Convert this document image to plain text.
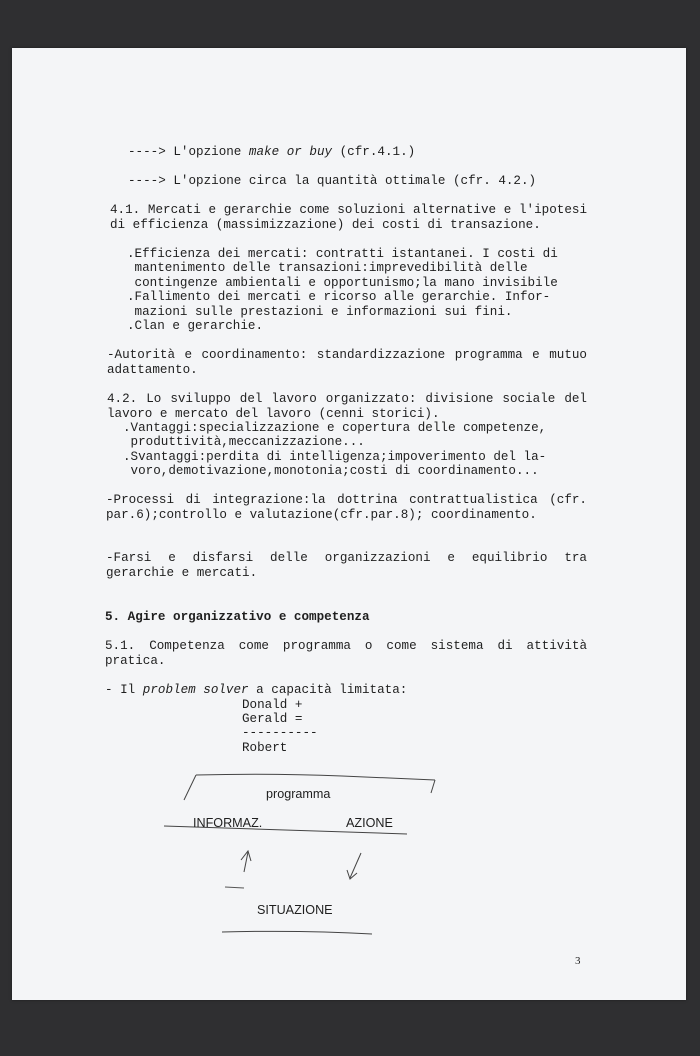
----> L'opzione make or buy (cfr.4.1.)
----> L'opzione circa la quantità ottimale (cfr. 4.2.)

4.1. Mercati e gerarchie come soluzioni alternative e l'ipotesi di efficienza (massimizzazione) dei costi di transazione.

.Efficienza dei mercati: contratti istantanei. I costi di
mantenimento delle transazioni:imprevedibilità delle
contingenze ambientali e opportunismo;la mano invisibile
.Fallimento dei mercati e ricorso alle gerarchie. Infor-
mazioni sulle prestazioni e informazioni sui fini.
.Clan e gerarchie.

-Autorità e coordinamento: standardizzazione programma e mutuo adattamento.

4.2. Lo sviluppo del lavoro organizzato: divisione sociale del lavoro e mercato del lavoro (cenni storici).

.Vantaggi:specializzazione e copertura delle competenze,
produttività,meccanizzazione...
.Svantaggi:perdita di intelligenza;impoverimento del la-
voro,demotivazione,monotonia;costi di coordinamento...

-Processi di integrazione:la dottrina contrattualistica (cfr. par.6);controllo e valutazione(cfr.par.8); coordinamento.

-Farsi e disfarsi delle organizzazioni e equilibrio tra gerarchie e mercati.

5. Agire organizzativo e competenza

5.1. Competenza come programma o come sistema di attività pratica.

- Il problem solver a capacità limitata:
Donald +
Gerald =
----------
Robert
programma
INFORMAZ.	AZIONE
SITUAZIONE
3
